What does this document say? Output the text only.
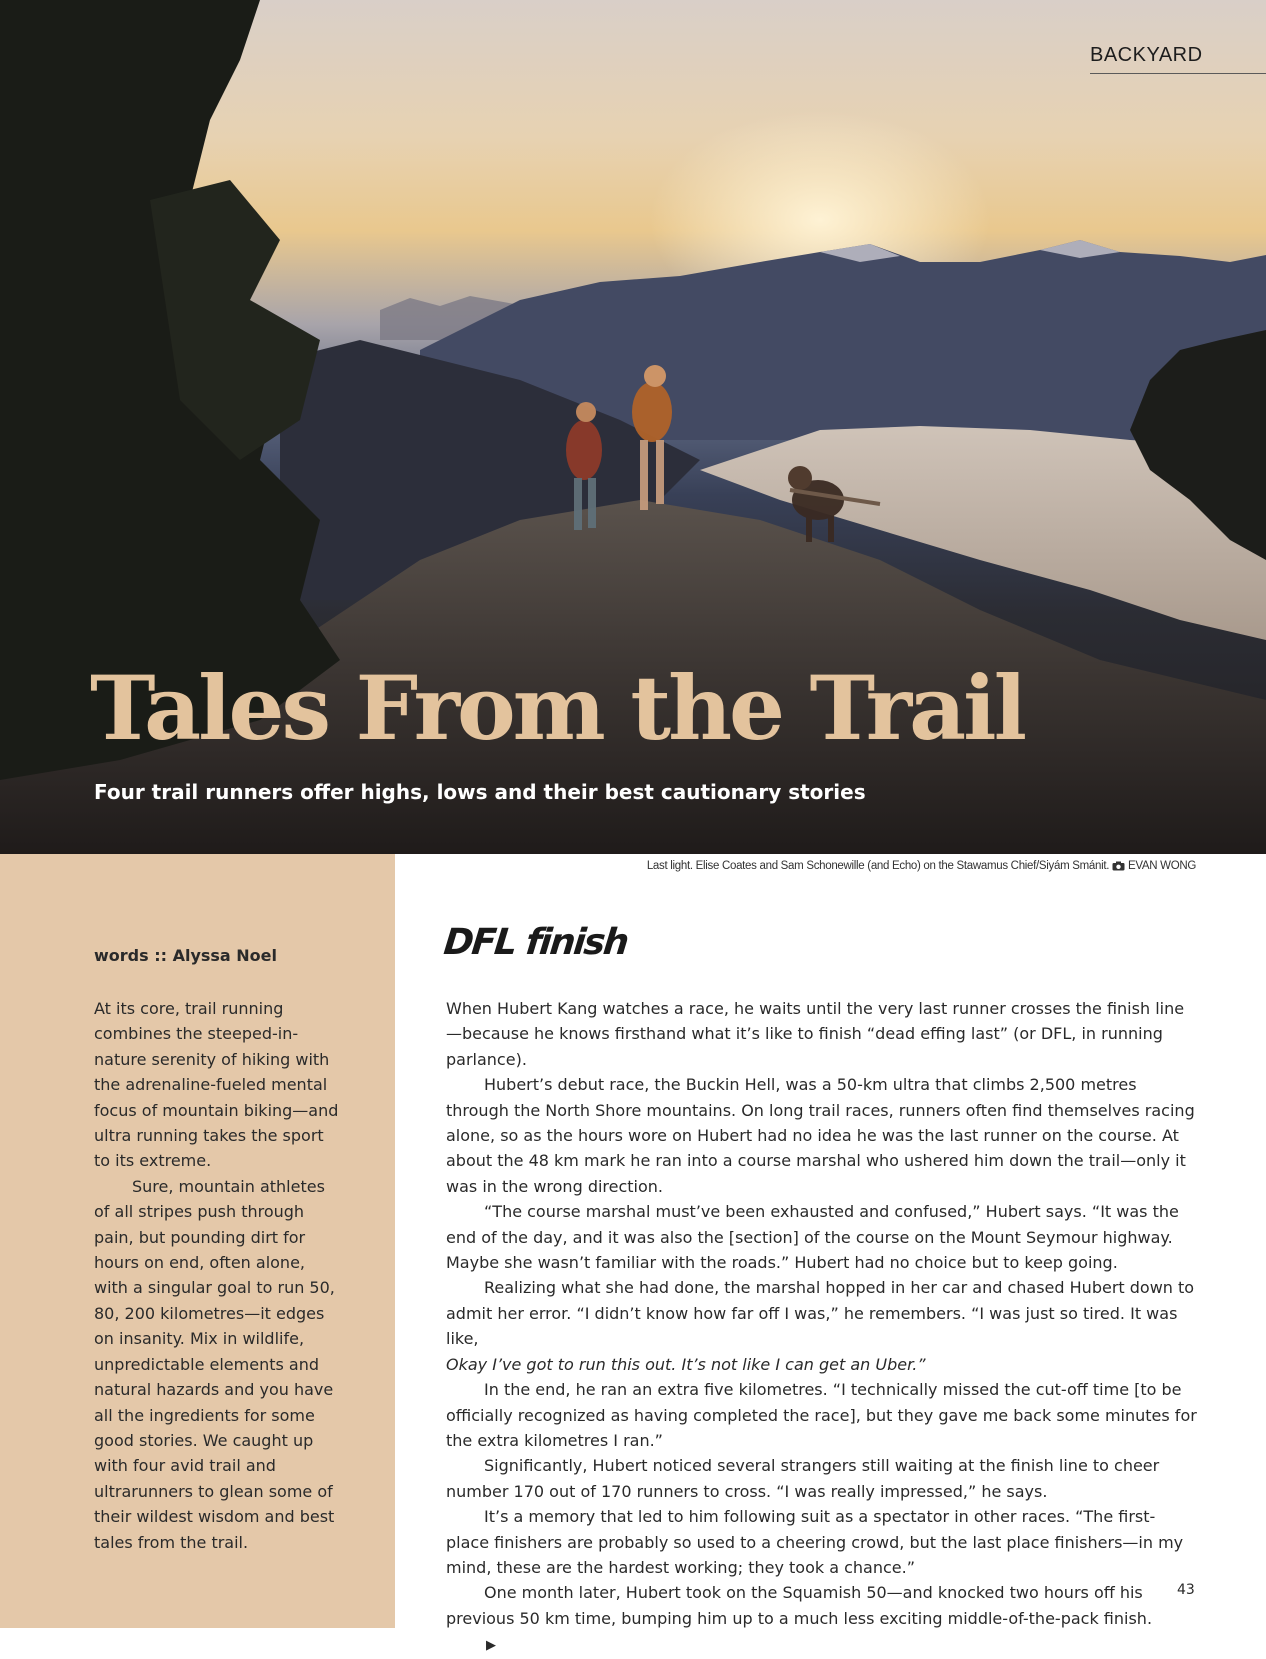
BACKYARD
Tales From the Trail

Four trail runners offer highs, lows and their best cautionary stories

Last light. Elise Coates and Sam Schonewille (and Echo) on the Stawamus Chief/Siyám Smánit. EVAN WONG
words :: Alyssa Noel

At its core, trail running combines the steeped-in-nature serenity of hiking with the adrenaline-fueled mental focus of mountain biking—and ultra running takes the sport to its extreme.

Sure, mountain athletes of all stripes push through pain, but pounding dirt for hours on end, often alone, with a singular goal to run 50, 80, 200 kilometres—it edges on insanity. Mix in wildlife, unpredictable elements and natural hazards and you have all the ingredients for some good stories. We caught up with four avid trail and ultrarunners to glean some of their wildest wisdom and best tales from the trail.

DFL finish

When Hubert Kang watches a race, he waits until the very last runner crosses the finish line—because he knows firsthand what it’s like to finish “dead effing last” (or DFL, in running parlance).

Hubert’s debut race, the Buckin Hell, was a 50-km ultra that climbs 2,500 metres through the North Shore mountains. On long trail races, runners often find themselves racing alone, so as the hours wore on Hubert had no idea he was the last runner on the course. At about the 48 km mark he ran into a course marshal who ushered him down the trail—only it was in the wrong direction.

“The course marshal must’ve been exhausted and confused,” Hubert says. “It was the end of the day, and it was also the [section] of the course on the Mount Seymour highway. Maybe she wasn’t familiar with the roads.” Hubert had no choice but to keep going.

Realizing what she had done, the marshal hopped in her car and chased Hubert down to admit her error. “I didn’t know how far off I was,” he remembers. “I was just so tired. It was like,

Okay I’ve got to run this out. It’s not like I can get an Uber.”

In the end, he ran an extra five kilometres. “I technically missed the cut-off time [to be officially recognized as having completed the race], but they gave me back some minutes for the extra kilometres I ran.”

Significantly, Hubert noticed several strangers still waiting at the finish line to cheer number 170 out of 170 runners to cross. “I was really impressed,” he says.

It’s a memory that led to him following suit as a spectator in other races. “The first-place finishers are probably so used to a cheering crowd, but the last place finishers—in my mind, these are the hardest working; they took a chance.”

One month later, Hubert took on the Squamish 50—and knocked two hours off his previous 50 km time, bumping him up to a much less exciting middle-of-the-pack finish.▶

43
